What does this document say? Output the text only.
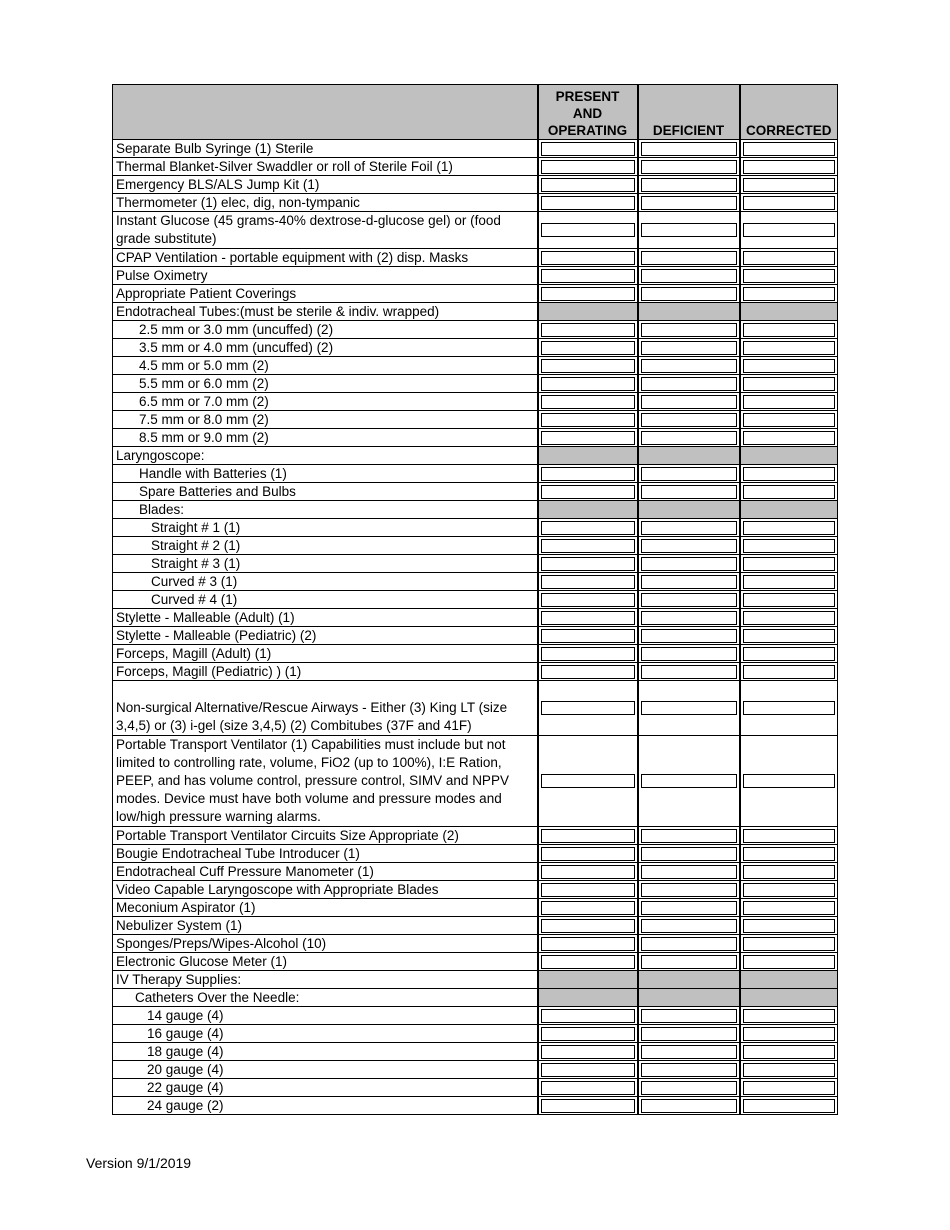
	PRESENT
AND
OPERATING	DEFICIENT	CORRECTED
Separate Bulb Syringe (1) Sterile	

Thermal Blanket-Silver Swaddler or roll of Sterile Foil (1)	

Emergency BLS/ALS Jump Kit (1)	

Thermometer (1) elec, dig, non-tympanic	

Instant Glucose (45 grams-40% dextrose-d-glucose gel) or (food grade substitute)	

CPAP Ventilation - portable equipment with (2) disp. Masks	

Pulse Oximetry	

Appropriate Patient Coverings	

Endotracheal Tubes:(must be sterile & indiv. wrapped)			
2.5 mm or 3.0 mm (uncuffed) (2)	

3.5 mm or 4.0 mm (uncuffed) (2)	

4.5 mm or 5.0 mm (2)	

5.5 mm or 6.0 mm (2)	

6.5 mm or 7.0 mm (2)	

7.5 mm or 8.0 mm (2)	

8.5 mm or 9.0 mm (2)	

Laryngoscope:			
Handle with Batteries (1)	

Spare Batteries and Bulbs	

Blades:			
Straight # 1 (1)	

Straight # 2 (1)	

Straight # 3 (1)	

Curved # 3 (1)	

Curved # 4 (1)	

Stylette - Malleable (Adult) (1)	

Stylette - Malleable (Pediatric) (2)	

Forceps, Magill (Adult) (1)	

Forceps, Magill (Pediatric) ) (1)	

Non-surgical Alternative/Rescue Airways - Either (3) King LT (size 3,4,5) or (3) i-gel (size 3,4,5) (2) Combitubes (37F and 41F)	

Portable Transport Ventilator (1) Capabilities must include but not limited to controlling rate, volume, FiO2 (up to 100%), I:E Ration, PEEP, and has volume control, pressure control, SIMV and NPPV modes. Device must have both volume and pressure modes and low/high pressure warning alarms.	

Portable Transport Ventilator Circuits Size Appropriate (2)	

Bougie Endotracheal Tube Introducer (1)	

Endotracheal Cuff Pressure Manometer (1)	

Video Capable Laryngoscope with Appropriate Blades	

Meconium Aspirator (1)	

Nebulizer System (1)	

Sponges/Preps/Wipes-Alcohol (10)	

Electronic Glucose Meter (1)	

IV Therapy Supplies:			
Catheters Over the Needle:			
14 gauge (4)	

16 gauge (4)	

18 gauge (4)	

20 gauge (4)	

22 gauge (4)	

24 gauge (2)	

Version 9/1/2019
